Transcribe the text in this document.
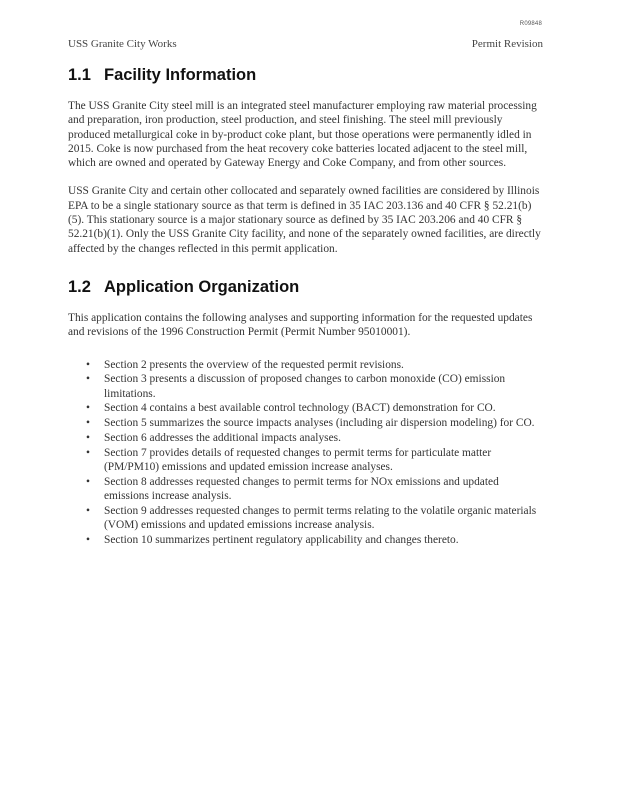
R09848
USS Granite City Works	Permit Revision
1.1 Facility Information

The USS Granite City steel mill is an integrated steel manufacturer employing raw material processing and preparation, iron production, steel production, and steel finishing. The steel mill previously produced metallurgical coke in by-product coke plant, but those operations were permanently idled in 2015. Coke is now purchased from the heat recovery coke batteries located adjacent to the steel mill, which are owned and operated by Gateway Energy and Coke Company, and from other sources.

USS Granite City and certain other collocated and separately owned facilities are considered by Illinois EPA to be a single stationary source as that term is defined in 35 IAC 203.136 and 40 CFR § 52.21(b)(5). This stationary source is a major stationary source as defined by 35 IAC 203.206 and 40 CFR § 52.21(b)(1). Only the USS Granite City facility, and none of the separately owned facilities, are directly affected by the changes reflected in this permit application.

1.2 Application Organization

This application contains the following analyses and supporting information for the requested updates and revisions of the 1996 Construction Permit (Permit Number 95010001).

• Section 2 presents the overview of the requested permit revisions.
• Section 3 presents a discussion of proposed changes to carbon monoxide (CO) emission limitations.
• Section 4 contains a best available control technology (BACT) demonstration for CO.
• Section 5 summarizes the source impacts analyses (including air dispersion modeling) for CO.
• Section 6 addresses the additional impacts analyses.
• Section 7 provides details of requested changes to permit terms for particulate matter (PM/PM10) emissions and updated emission increase analyses.
• Section 8 addresses requested changes to permit terms for NOx emissions and updated emissions increase analysis.
• Section 9 addresses requested changes to permit terms relating to the volatile organic materials (VOM) emissions and updated emissions increase analysis.
• Section 10 summarizes pertinent regulatory applicability and changes thereto.
